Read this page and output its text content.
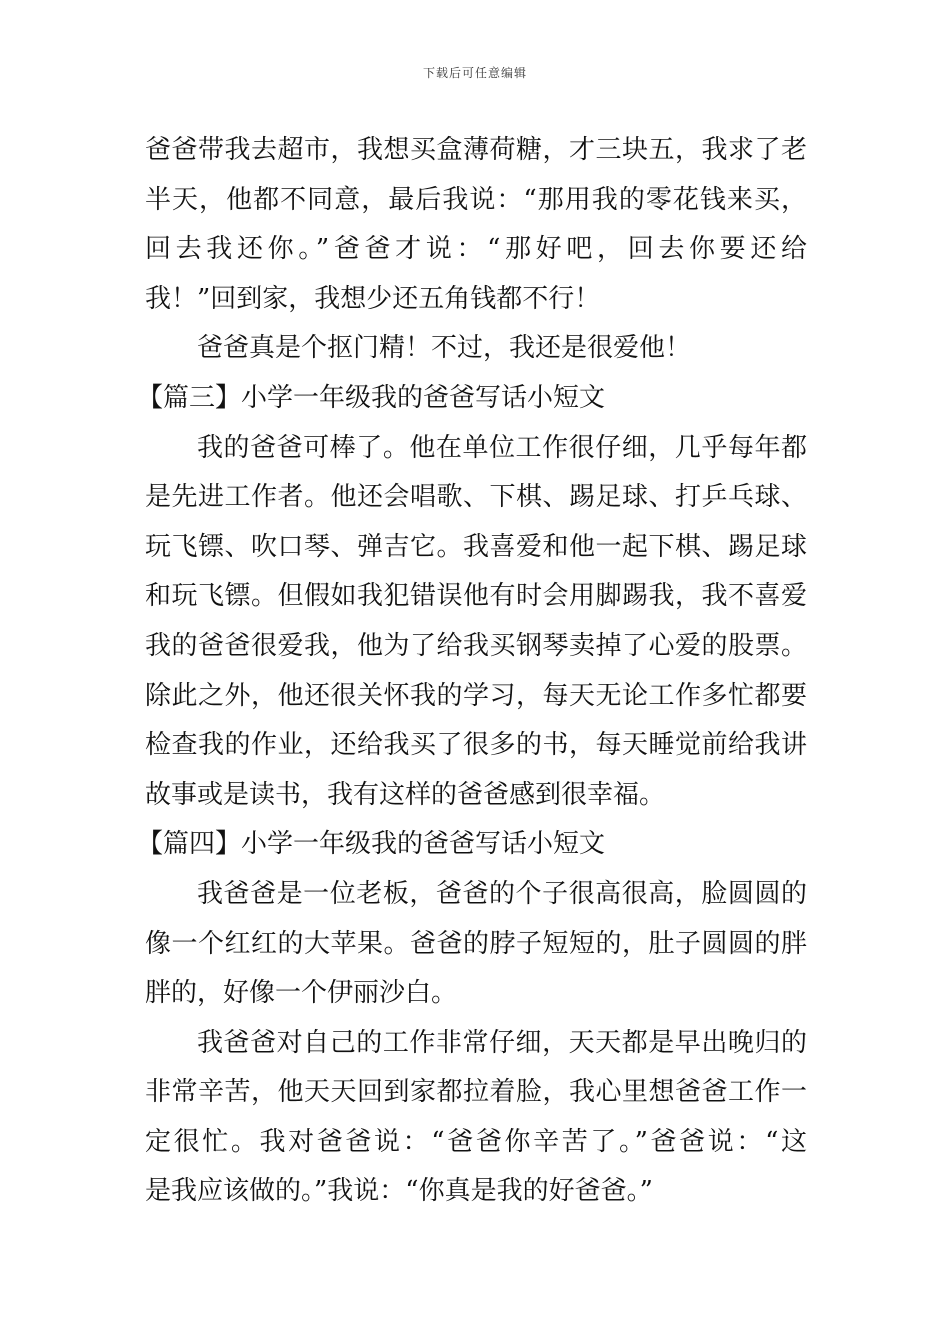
下载后可任意编辑

爸爸带我去超市，我想买盒薄荷糖，才三块五，我求了老

半天，他都不同意，最后我说：“那用我的零花钱来买，

回去我还你。”爸爸才说：“那好吧，回去你要还给

我！”回到家，我想少还五角钱都不行！

爸爸真是个抠门精！不过，我还是很爱他！

【篇三】小学一年级我的爸爸写话小短文

我的爸爸可棒了。他在单位工作很仔细，几乎每年都

是先进工作者。他还会唱歌、下棋、踢足球、打乒乓球、

玩飞镖、吹口琴、弹吉它。我喜爱和他一起下棋、踢足球

和玩飞镖。但假如我犯错误他有时会用脚踢我，我不喜爱

我的爸爸很爱我，他为了给我买钢琴卖掉了心爱的股票。

除此之外，他还很关怀我的学习，每天无论工作多忙都要

检查我的作业，还给我买了很多的书，每天睡觉前给我讲

故事或是读书，我有这样的爸爸感到很幸福。

【篇四】小学一年级我的爸爸写话小短文

我爸爸是一位老板，爸爸的个子很高很高，脸圆圆的

像一个红红的大苹果。爸爸的脖子短短的，肚子圆圆的胖

胖的，好像一个伊丽沙白。

我爸爸对自己的工作非常仔细，天天都是早出晚归的

非常辛苦，他天天回到家都拉着脸，我心里想爸爸工作一

定很忙。我对爸爸说：“爸爸你辛苦了。”爸爸说：“这

是我应该做的。”我说：“你真是我的好爸爸。”
